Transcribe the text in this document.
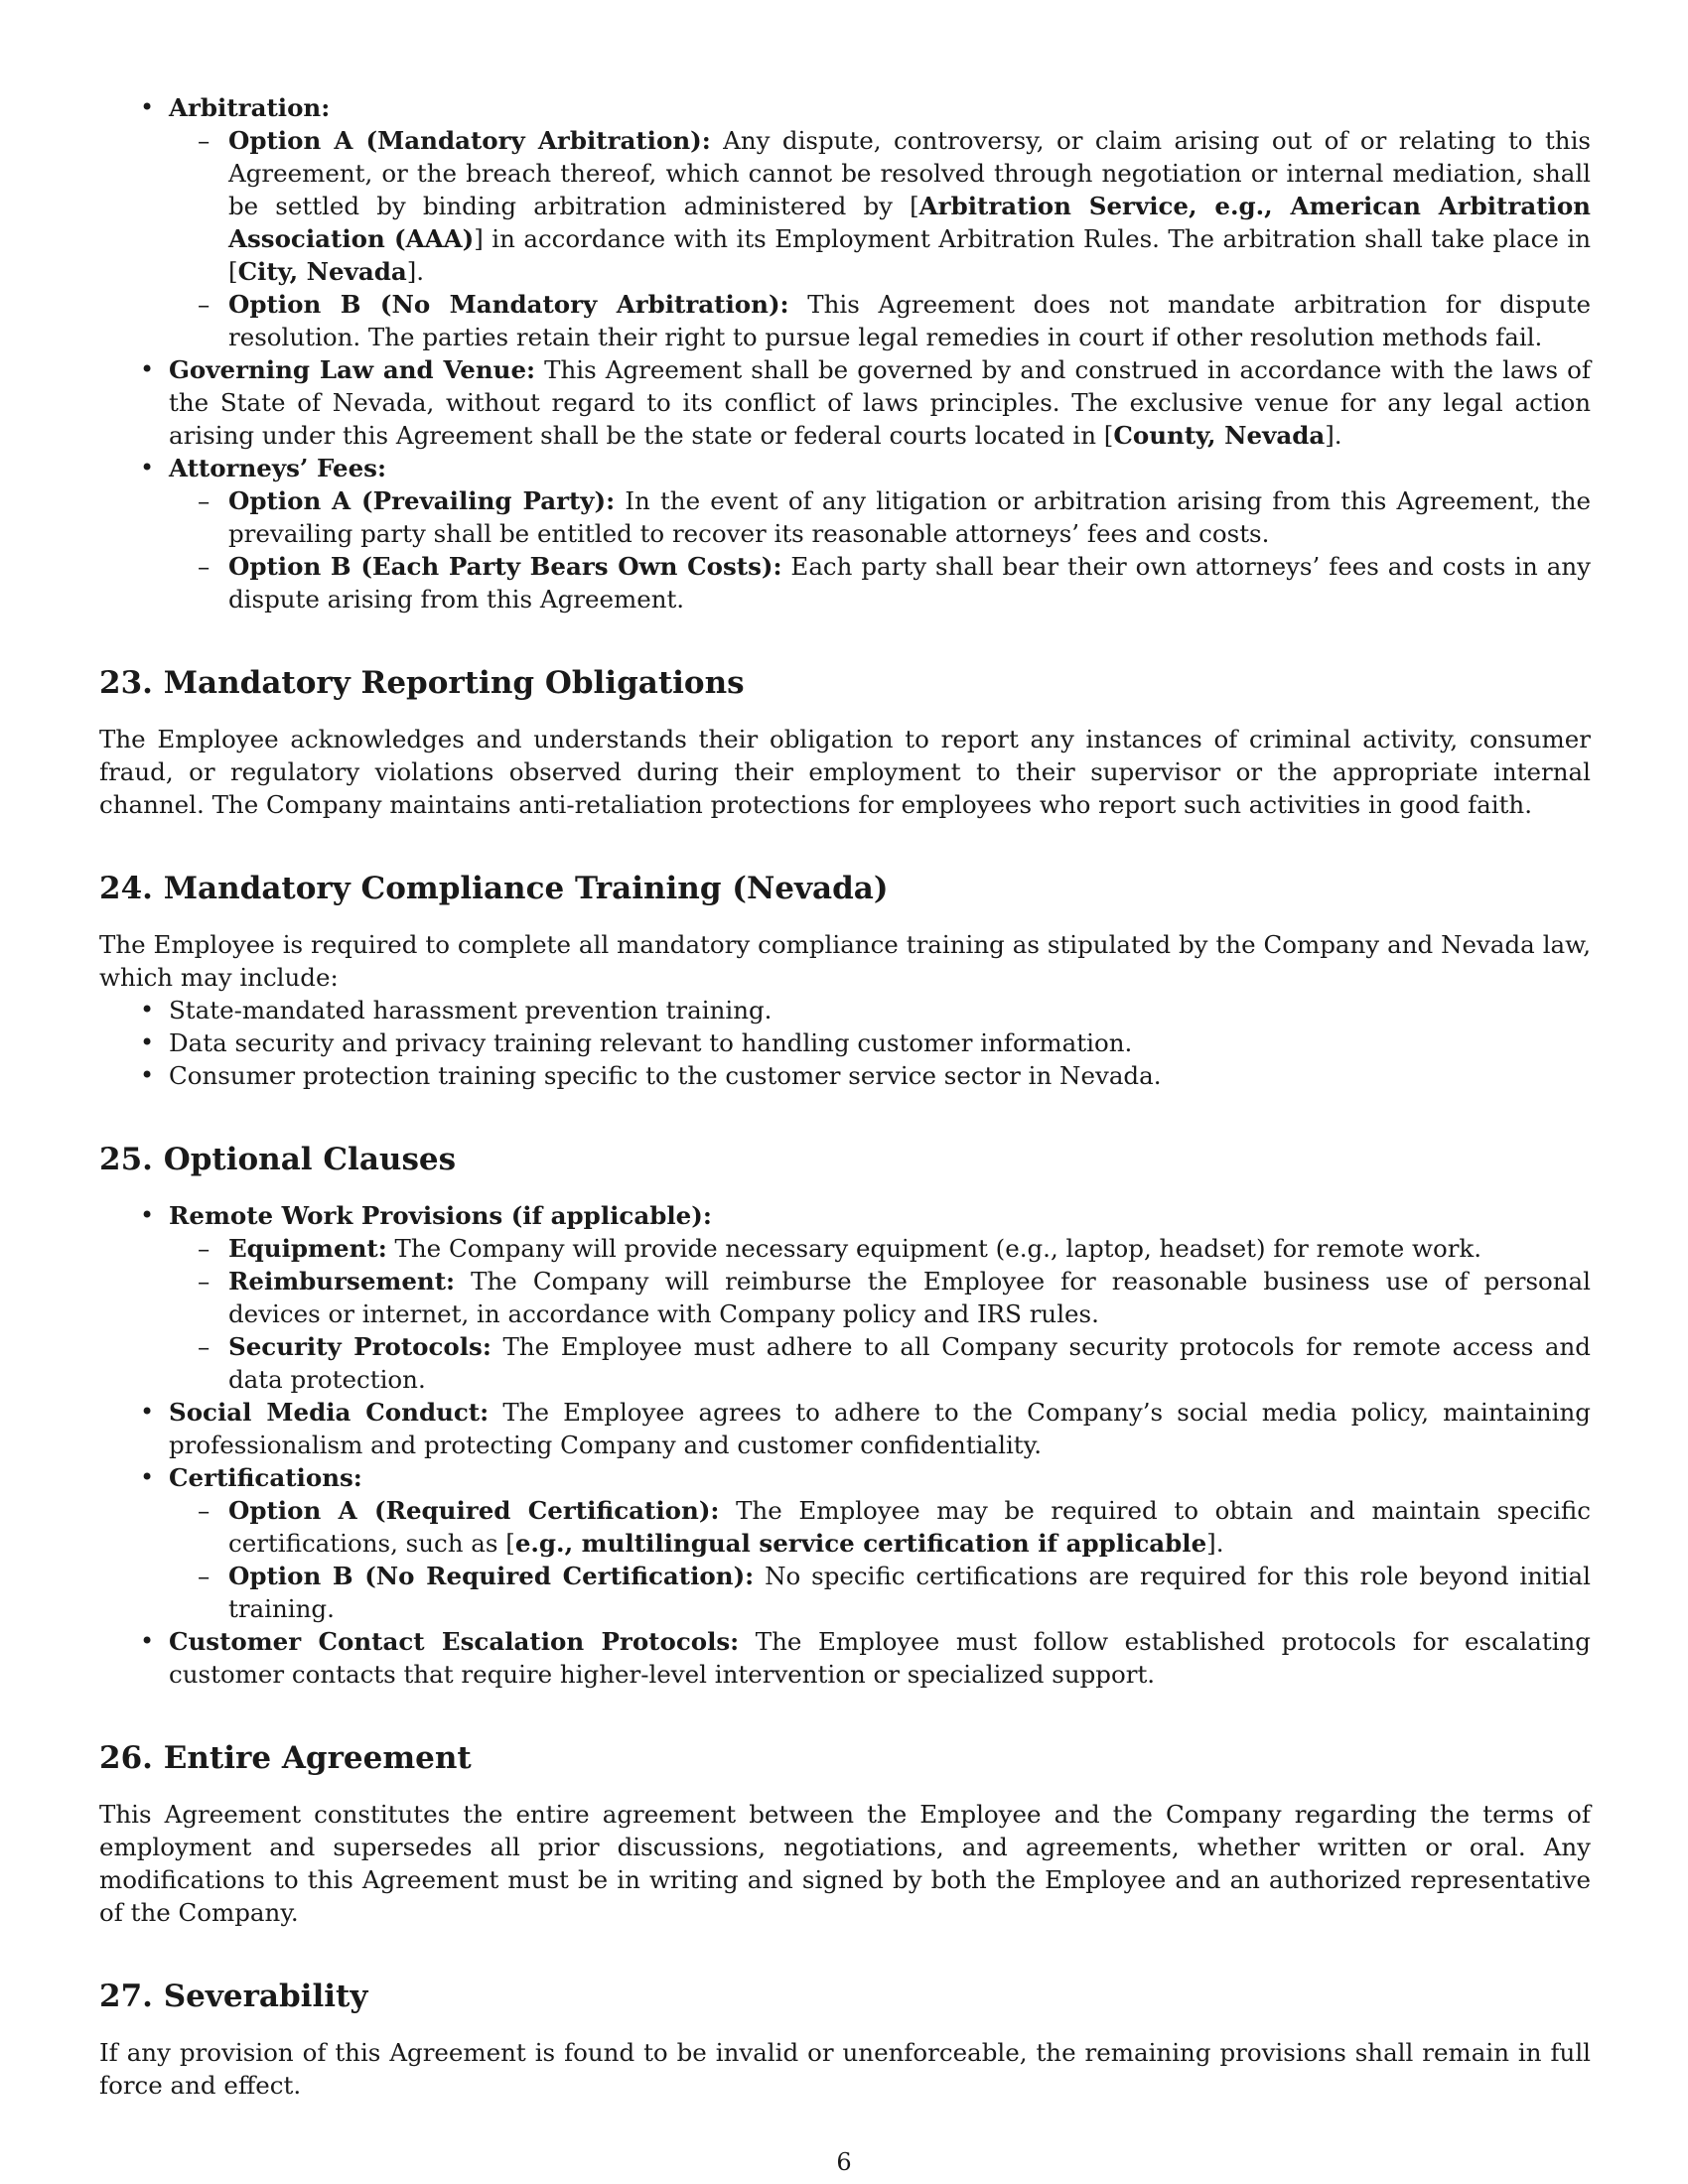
• Arbitration:
– Option A (Mandatory Arbitration): Any dispute, controversy, or claim arising out of or relating to this Agreement, or the breach thereof, which cannot be resolved through negotiation or internal mediation, shall be settled by binding arbitration administered by [Arbitration Service, e.g., American Arbitration Association (AAA)] in accordance with its Employment Arbitration Rules. The arbitration shall take place in [City, Nevada].
– Option B (No Mandatory Arbitration): This Agreement does not mandate arbitration for dispute resolution. The parties retain their right to pursue legal remedies in court if other resolution methods fail.
• Governing Law and Venue: This Agreement shall be governed by and construed in accordance with the laws of the State of Nevada, without regard to its conflict of laws principles. The exclusive venue for any legal action arising under this Agreement shall be the state or federal courts located in [County, Nevada].
• Attorneys’ Fees:
– Option A (Prevailing Party): In the event of any litigation or arbitration arising from this Agreement, the prevailing party shall be entitled to recover its reasonable attorneys’ fees and costs.
– Option B (Each Party Bears Own Costs): Each party shall bear their own attorneys’ fees and costs in any dispute arising from this Agreement.
23. Mandatory Reporting Obligations

The Employee acknowledges and understands their obligation to report any instances of criminal activity, consumer fraud, or regulatory violations observed during their employment to their supervisor or the appropriate internal channel. The Company maintains anti-retaliation protections for employees who report such activities in good faith.

24. Mandatory Compliance Training (Nevada)

The Employee is required to complete all mandatory compliance training as stipulated by the Company and Nevada law, which may include:

• State-mandated harassment prevention training.
• Data security and privacy training relevant to handling customer information.
• Consumer protection training specific to the customer service sector in Nevada.
25. Optional Clauses
• Remote Work Provisions (if applicable):
– Equipment: The Company will provide necessary equipment (e.g., laptop, headset) for remote work.
– Reimbursement: The Company will reimburse the Employee for reasonable business use of personal devices or internet, in accordance with Company policy and IRS rules.
– Security Protocols: The Employee must adhere to all Company security protocols for remote access and data protection.
• Social Media Conduct: The Employee agrees to adhere to the Company’s social media policy, maintaining professionalism and protecting Company and customer confidentiality.
• Certifications:
– Option A (Required Certification): The Employee may be required to obtain and maintain specific certifications, such as [e.g., multilingual service certification if applicable].
– Option B (No Required Certification): No specific certifications are required for this role beyond initial training.
• Customer Contact Escalation Protocols: The Employee must follow established protocols for escalating customer contacts that require higher-level intervention or specialized support.
26. Entire Agreement

This Agreement constitutes the entire agreement between the Employee and the Company regarding the terms of employment and supersedes all prior discussions, negotiations, and agreements, whether written or oral. Any modifications to this Agreement must be in writing and signed by both the Employee and an authorized representative of the Company.

27. Severability

If any provision of this Agreement is found to be invalid or unenforceable, the remaining provisions shall remain in full force and effect.

6
